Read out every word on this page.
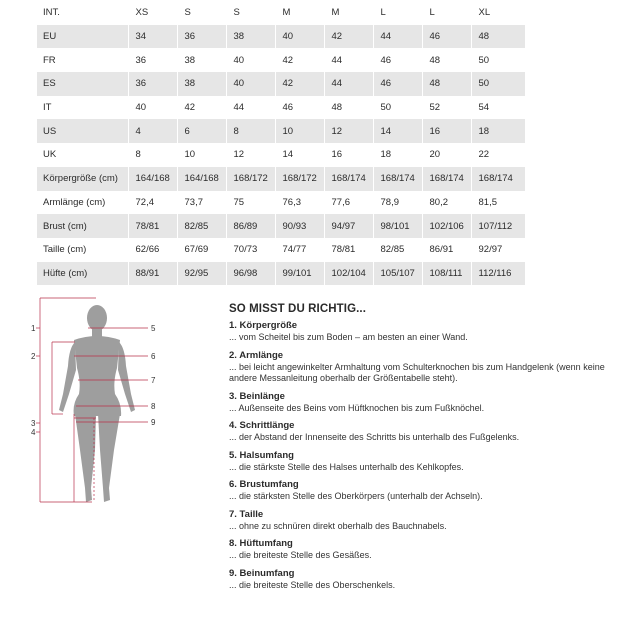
INT.	XS	S	S	M	M	L	L	XL
EU	34	36	38	40	42	44	46	48
FR	36	38	40	42	44	46	48	50
ES	36	38	40	42	44	46	48	50
IT	40	42	44	46	48	50	52	54
US	4	6	8	10	12	14	16	18
UK	8	10	12	14	16	18	20	22
Körpergröße (cm)	164/168	164/168	168/172	168/172	168/174	168/174	168/174	168/174
Armlänge (cm)	72,4	73,7	75	76,3	77,6	78,9	80,2	81,5
Brust (cm)	78/81	82/85	86/89	90/93	94/97	98/101	102/106	107/112
Taille (cm)	62/66	67/69	70/73	74/77	78/81	82/85	86/91	92/97
Hüfte (cm)	88/91	92/95	96/98	99/101	102/104	105/107	108/111	112/116
1
2
3
4
5
6
7
8
9
SO MISST DU RICHTIG...
1. Körpergröße
... vom Scheitel bis zum Boden – am besten an einer Wand.
2. Armlänge
... bei leicht angewinkelter Armhaltung vom Schulterknochen bis zum Handgelenk (wenn keine andere Messanleitung oberhalb der Größentabelle steht).
3. Beinlänge
... Außenseite des Beins vom Hüftknochen bis zum Fußknöchel.
4. Schrittlänge
... der Abstand der Innenseite des Schritts bis unterhalb des Fußgelenks.
5. Halsumfang
... die stärkste Stelle des Halses unterhalb des Kehlkopfes.
6. Brustumfang
... die stärksten Stelle des Oberkörpers (unterhalb der Achseln).
7. Taille
... ohne zu schnüren direkt oberhalb des Bauchnabels.
8. Hüftumfang
... die breiteste Stelle des Gesäßes.
9. Beinumfang
... die breiteste Stelle des Oberschenkels.
